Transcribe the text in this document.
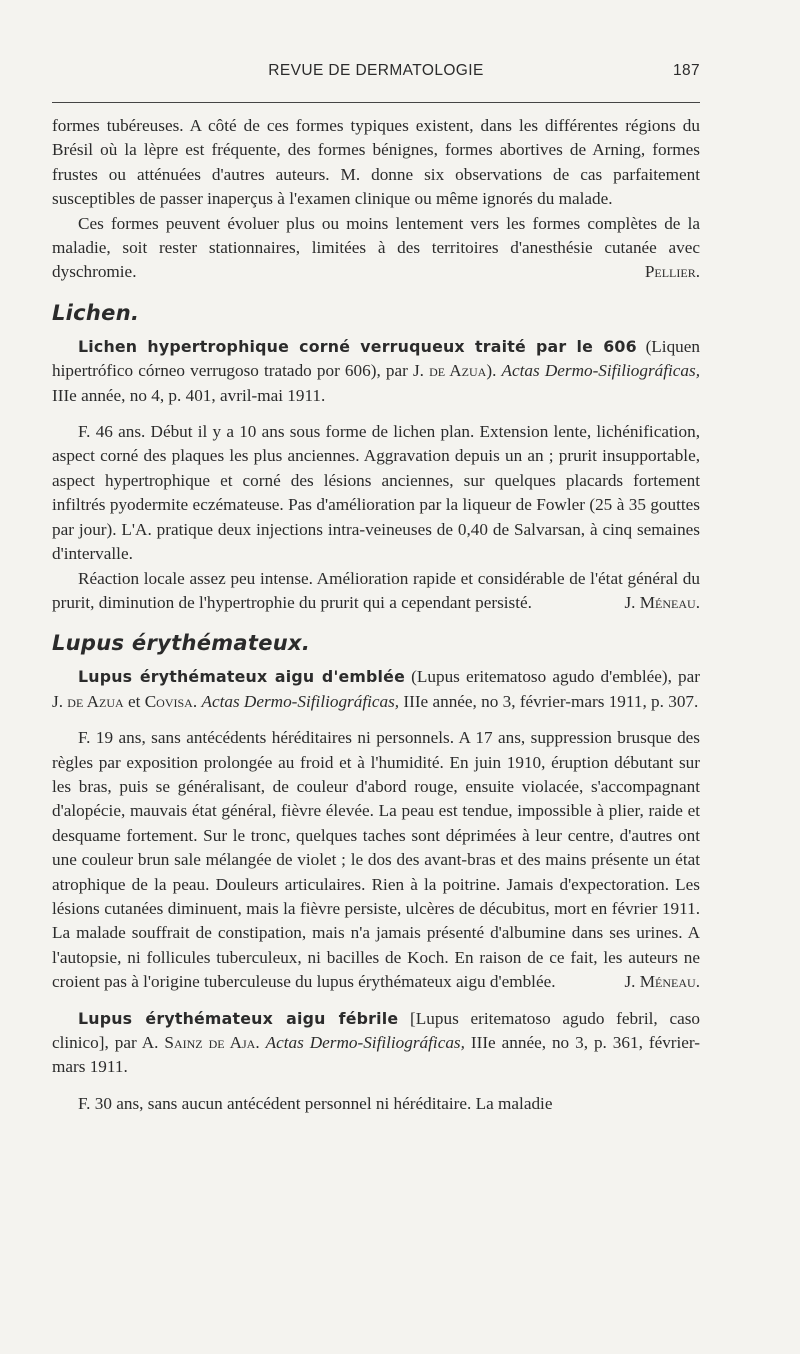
REVUE DE DERMATOLOGIE	187

formes tubéreuses. A côté de ces formes typiques existent, dans les différentes régions du Brésil où la lèpre est fréquente, des formes bénignes, formes abortives de Arning, formes frustes ou atténuées d'autres auteurs. M. donne six observations de cas parfaitement susceptibles de passer inaperçus à l'examen clinique ou même ignorés du malade.

Ces formes peuvent évoluer plus ou moins lentement vers les formes complètes de la maladie, soit rester stationnaires, limitées à des territoires d'anesthésie cutanée avec dyschromie.	Pellier.

Lichen.

Lichen hypertrophique corné verruqueux traité par le 606 (Liquen hipertrófico córneo verrugoso tratado por 606), par J. de Azua). Actas Dermo-Sifiliográficas, IIIe année, no 4, p. 401, avril-mai 1911.

F. 46 ans. Début il y a 10 ans sous forme de lichen plan. Extension lente, lichénification, aspect corné des plaques les plus anciennes. Aggravation depuis un an ; prurit insupportable, aspect hypertrophique et corné des lésions anciennes, sur quelques placards fortement infiltrés pyodermite eczémateuse. Pas d'amélioration par la liqueur de Fowler (25 à 35 gouttes par jour). L'A. pratique deux injections intra-veineuses de 0,40 de Salvarsan, à cinq semaines d'intervalle.

Réaction locale assez peu intense. Amélioration rapide et considérable de l'état général du prurit, diminution de l'hypertrophie du prurit qui a cependant persisté.	J. Méneau.

Lupus érythémateux.

Lupus érythémateux aigu d'emblée (Lupus eritematoso agudo d'emblée), par J. de Azua et Covisa. Actas Dermo-Sifiliográficas, IIIe année, no 3, février-mars 1911, p. 307.

F. 19 ans, sans antécédents héréditaires ni personnels. A 17 ans, suppression brusque des règles par exposition prolongée au froid et à l'humidité. En juin 1910, éruption débutant sur les bras, puis se généralisant, de couleur d'abord rouge, ensuite violacée, s'accompagnant d'alopécie, mauvais état général, fièvre élevée. La peau est tendue, impossible à plier, raide et desquame fortement. Sur le tronc, quelques taches sont déprimées à leur centre, d'autres ont une couleur brun sale mélangée de violet ; le dos des avant-bras et des mains présente un état atrophique de la peau. Douleurs articulaires. Rien à la poitrine. Jamais d'expectoration. Les lésions cutanées diminuent, mais la fièvre persiste, ulcères de décubitus, mort en février 1911. La malade souffrait de constipation, mais n'a jamais présenté d'albumine dans ses urines. A l'autopsie, ni follicules tuberculeux, ni bacilles de Koch. En raison de ce fait, les auteurs ne croient pas à l'origine tuberculeuse du lupus érythémateux aigu d'emblée.	J. Méneau.

Lupus érythémateux aigu fébrile [Lupus eritematoso agudo febril, caso clinico], par A. Sainz de Aja. Actas Dermo-Sifiliográficas, IIIe année, no 3, p. 361, février-mars 1911.

F. 30 ans, sans aucun antécédent personnel ni héréditaire. La maladie
